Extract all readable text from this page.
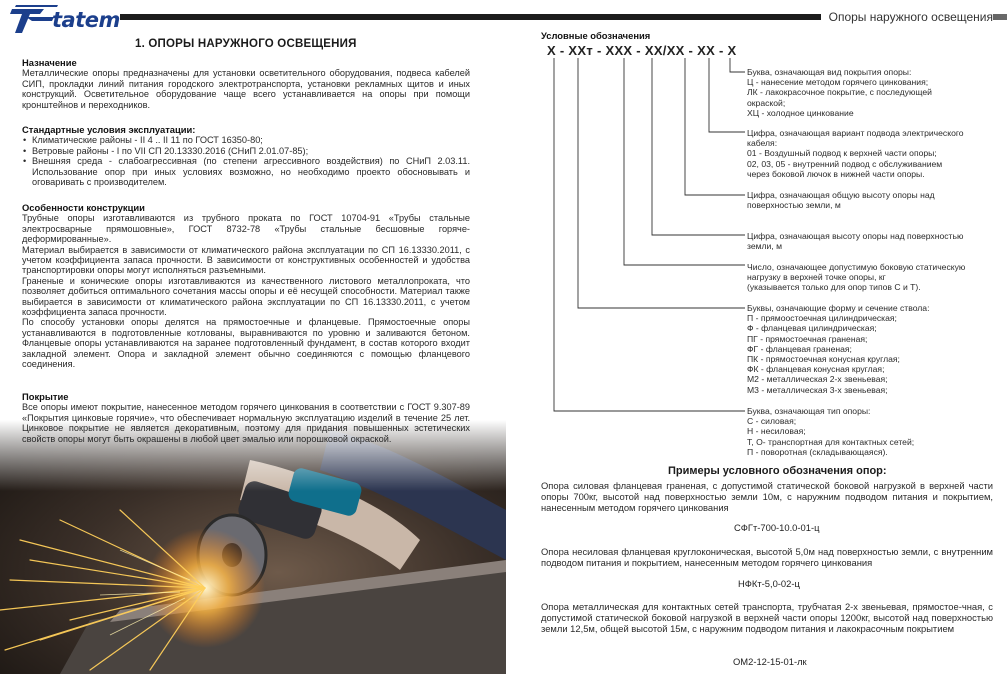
tatem	Опоры наружного освещения
1. ОПОРЫ НАРУЖНОГО ОСВЕЩЕНИЯ
Назначение

Металлические опоры предназначены для установки осветительного оборудования, подвеса кабелей СИП, прокладки линий питания городского электротранспорта, установки рекламных щитов и иных конструкций. Осветительное оборудование чаще всего устанавливается на опоры при помощи кронштейнов и переходников.

Стандартные условия эксплуатации:
• Климатические районы - II 4 .. II 11 по ГОСТ 16350-80;
• Ветровые районы - I по VII СП 20.13330.2016 (СНиП 2.01.07-85);
• Внешняя среда - слабоагрессивная (по степени агрессивного воздействия) по СНиП 2.03.11. Использование опор при иных условиях возможно, но необходимо проекто обосновывать и оговаривать с производителем.
Особенности конструкции

Трубные опоры изготавливаются из трубного проката по ГОСТ 10704-91 «Трубы стальные электросварные прямошовные», ГОСТ 8732-78 «Трубы стальные бесшовные горяче-деформированные».

Материал выбирается в зависимости от климатического района эксплуатации по СП 16.13330.2011, с учетом коэффициента запаса прочности. В зависимости от конструктивных особенностей и удобства транспортировки опоры могут исполняться разъемными.

Граненые и конические опоры изготавливаются из качественного листового металлопроката, что позволяет добиться оптимального сочетания массы опоры и её несущей способности. Материал также выбирается в зависимости от климатического района эксплуатации по СП 16.13330.2011, с учетом коэффициента запаса прочности.

По способу установки опоры делятся на прямостоечные и фланцевые. Прямостоечные опоры устанавливаются в подготовленные котлованы, выравниваются по уровню и заливаются бетоном. Фланцевые опоры устанавливаются на заранее подготовленный фундамент, в состав которого входит закладной элемент. Опора и закладной элемент обычно соединяются с помощью фланцевого соединения.

Покрытие

Все опоры имеют покрытие, нанесенное методом горячего цинкования в соответствии с ГОСТ 9.307-89 «Покрытия цинковые горячие», что обеспечивает нормальную эксплуатацию изделий в течение 25 лет. Цинковое покрытие не является декоративным, поэтому для придания повышенных эстетических свойств опоры могут быть окрашены в любой цвет эмалью или порошковой окраской.

Условные обозначения
Х - ХХт - ХХХ - ХХ/ХХ - ХХ - Х
Буква, означающая вид покрытия опоры:
Ц - нанесение методом горячего цинкования;
ЛК - лакокрасочное покрытие, с последующей
окраской;
ХЦ - холодное цинкование
Цифра, означающая вариант подвода электрического
кабеля:
01 - Воздушный подвод к верхней части опоры;
02, 03, 05 - внутренний подвод с обслуживанием
через боковой лючок в нижней части опоры.
Цифра, означающая общую высоту опоры над
поверхностью земли, м
Цифра, означающая высоту опоры над поверхностью
земли, м
Число, означающее допустимую боковую статическую
нагрузку в верхней точке опоры, кг
(указывается только для опор типов С и Т).
Буквы, означающие форму и сечение ствола:
П - прямоостоечная цилиндрическая;
Ф - фланцевая цилиндрическая;
ПГ - прямостоечная граненая;
ФГ - фланцевая граненая;
ПК - прямостоечная конусная круглая;
ФК - фланцевая конусная круглая;
М2 - металлическая 2-х звеньевая;
М3 - металлическая 3-х звеньевая;
Буква, означающая тип опоры:
С - силовая;
Н - несиловая;
Т, О- транспортная для контактных сетей;
П - поворотная (складывающаяся).
Примеры условного обозначения опор:
Опора силовая фланцевая граненая, с допустимой статической боковой нагрузкой в верхней части опоры 700кг, высотой над поверхностью земли 10м, с наружним подводом питания и покрытием, нанесенным методом горячего цинкования
СФГт-700-10.0-01-ц
Опора несиловая фланцевая круглоконическая, высотой 5,0м над поверхностью земли, с внутренним подводом питания и покрытием, нанесенным методом горячего цинкования
НФКт-5,0-02-ц
Опора металлическая для контактных сетей транспорта, трубчатая 2-х звеньевая, прямостое-чная, с допустимой статической боковой нагрузкой в верхней части опоры 1200кг, высотой над поверхностью земли 12,5м, общей высотой 15м, с наружним подводом питания и лакокрасочным покрытием
ОМ2-12-15-01-лк
